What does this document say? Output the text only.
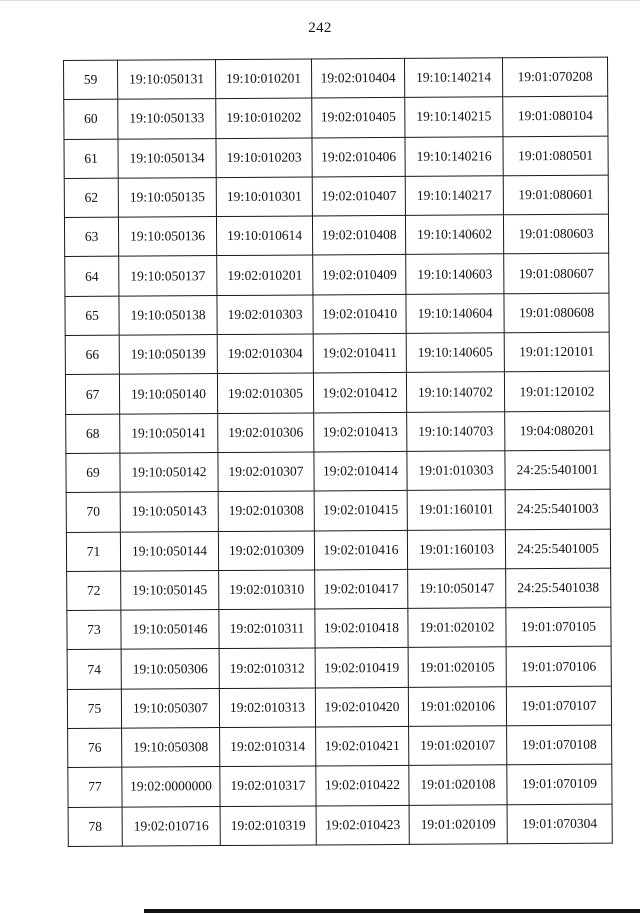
242
59	19:10:050131	19:10:010201	19:02:010404	19:10:140214	19:01:070208
60	19:10:050133	19:10:010202	19:02:010405	19:10:140215	19:01:080104
61	19:10:050134	19:10:010203	19:02:010406	19:10:140216	19:01:080501
62	19:10:050135	19:10:010301	19:02:010407	19:10:140217	19:01:080601
63	19:10:050136	19:10:010614	19:02:010408	19:10:140602	19:01:080603
64	19:10:050137	19:02:010201	19:02:010409	19:10:140603	19:01:080607
65	19:10:050138	19:02:010303	19:02:010410	19:10:140604	19:01:080608
66	19:10:050139	19:02:010304	19:02:010411	19:10:140605	19:01:120101
67	19:10:050140	19:02:010305	19:02:010412	19:10:140702	19:01:120102
68	19:10:050141	19:02:010306	19:02:010413	19:10:140703	19:04:080201
69	19:10:050142	19:02:010307	19:02:010414	19:01:010303	24:25:5401001
70	19:10:050143	19:02:010308	19:02:010415	19:01:160101	24:25:5401003
71	19:10:050144	19:02:010309	19:02:010416	19:01:160103	24:25:5401005
72	19:10:050145	19:02:010310	19:02:010417	19:10:050147	24:25:5401038
73	19:10:050146	19:02:010311	19:02:010418	19:01:020102	19:01:070105
74	19:10:050306	19:02:010312	19:02:010419	19:01:020105	19:01:070106
75	19:10:050307	19:02:010313	19:02:010420	19:01:020106	19:01:070107
76	19:10:050308	19:02:010314	19:02:010421	19:01:020107	19:01:070108
77	19:02:0000000	19:02:010317	19:02:010422	19:01:020108	19:01:070109
78	19:02:010716	19:02:010319	19:02:010423	19:01:020109	19:01:070304
